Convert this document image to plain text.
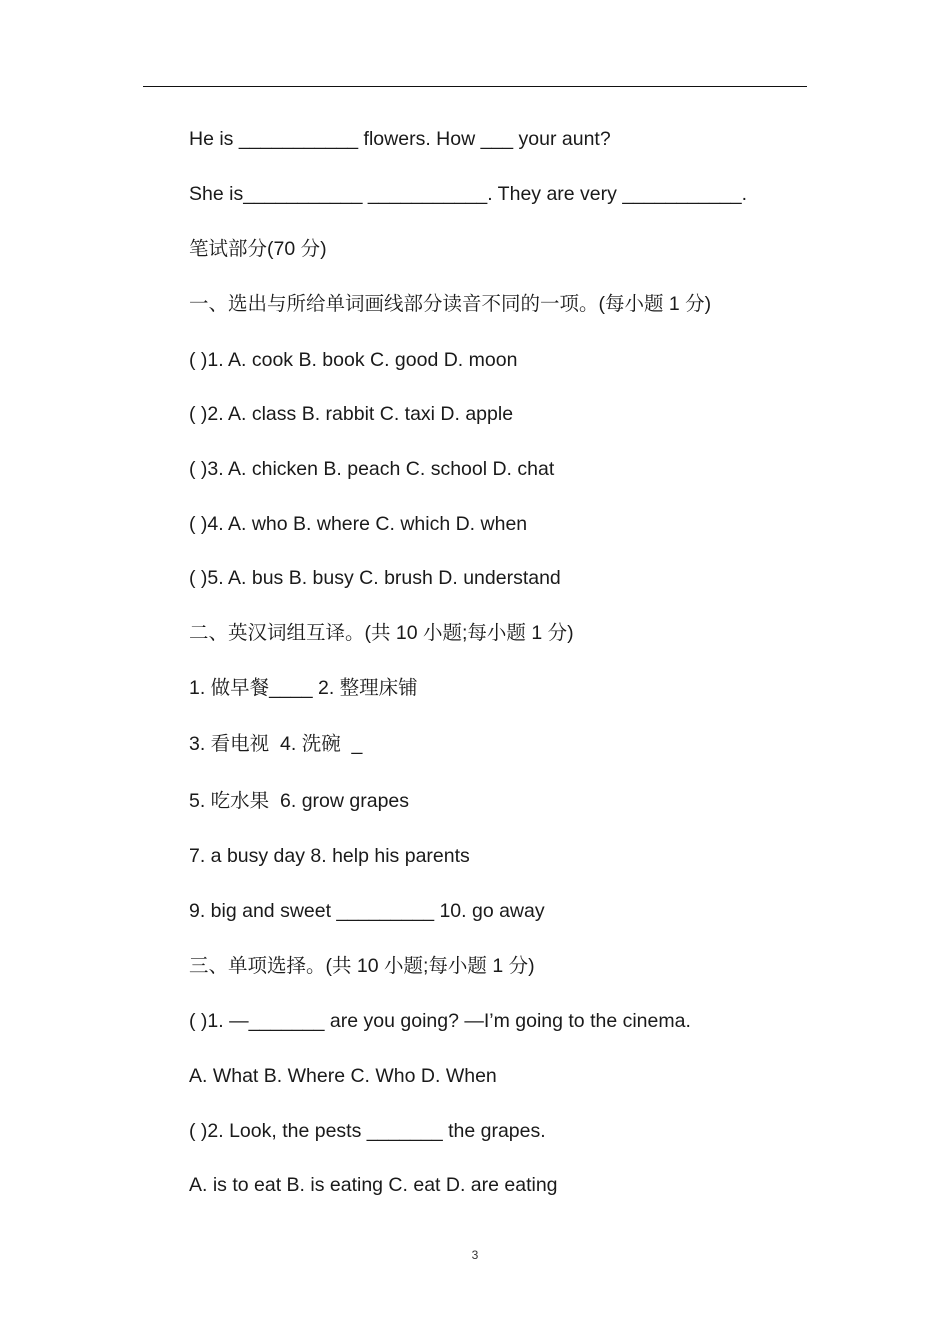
He is ___________ flowers. How ___ your aunt?
She is___________ ___________. They are very ___________.
笔试部分(70 分)
一、选出与所给单词画线部分读音不同的一项。(每小题 1 分)
( )1. A. cook B. book C. good D. moon
( )2. A. class B. rabbit C. taxi D. apple
( )3. A. chicken B. peach C. school D. chat
( )4. A. who B. where C. which D. when
( )5. A. bus B. busy C. brush D. understand
二、英汉词组互译。(共 10 小题;每小题 1 分)
1. 做早餐____ 2. 整理床铺
3. 看电视  4. 洗碗  _
5. 吃水果  6. grow grapes
7. a busy day 8. help his parents
9. big and sweet _________ 10. go away
三、单项选择。(共 10 小题;每小题 1 分)
( )1. —_______ are you going? —I’m going to the cinema.
A. What B. Where C. Who D. When
( )2. Look, the pests _______ the grapes.
A. is to eat B. is eating C. eat D. are eating
3
